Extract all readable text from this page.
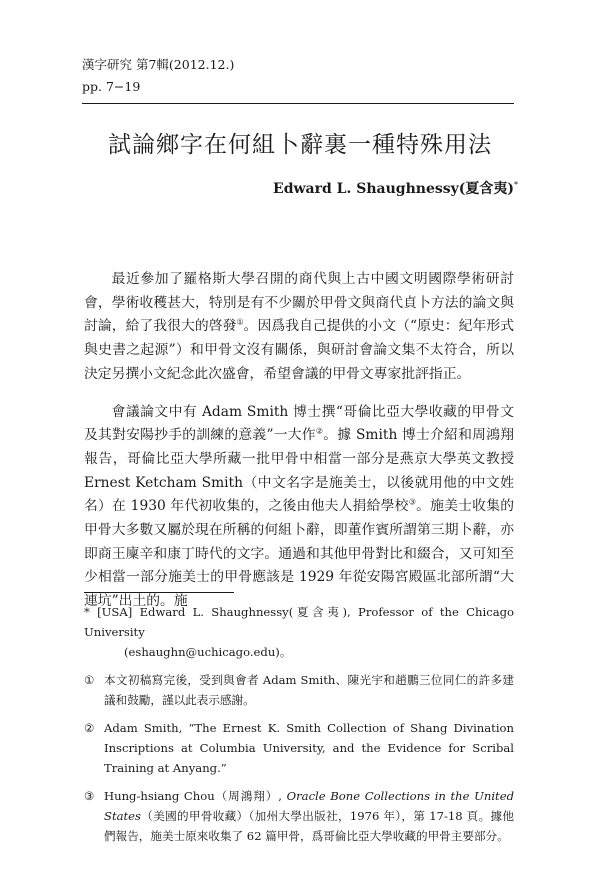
漢字研究 第7輯(2012.12.)
pp. 7−19
試論鄉字在何組卜辭裏一種特殊用法
Edward L. Shaughnessy(夏含夷)*

最近參加了羅格斯大學召開的商代與上古中國文明國際學術研討會，學術收穫甚大，特別是有不少關於甲骨文與商代貞卜方法的論文與討論，給了我很大的啓發①。因爲我自己提供的小文（“原史：紀年形式與史書之起源”）和甲骨文沒有關係，與研討會論文集不太符合，所以決定另撰小文紀念此次盛會，希望會議的甲骨文專家批評指正。

會議論文中有 Adam Smith 博士撰“哥倫比亞大學收藏的甲骨文及其對安陽抄手的訓練的意義”一大作②。據 Smith 博士介紹和周鴻翔報告，哥倫比亞大學所藏一批甲骨中相當一部分是燕京大學英文教授 Ernest Ketcham Smith（中文名字是施美士，以後就用他的中文姓名）在 1930 年代初收集的，之後由他夫人捐給學校③。施美士收集的甲骨大多數又屬於現在所稱的何組卜辭，即董作賓所謂第三期卜辭，亦即商王廩辛和康丁時代的文字。通過和其他甲骨對比和綴合，又可知至少相當一部分施美士的甲骨應該是 1929 年從安陽宮殿區北部所謂“大連坑”出土的。施

* [USA] Edward L. Shaughnessy(夏含夷), Professor of the Chicago University
(eshaughn@uchicago.edu)。
① 本文初稿寫完後，受到與會者 Adam Smith、陳光宇和趙鵬三位同仁的許多建議和鼓勵，謹以此表示感謝。
② Adam Smith, “The Ernest K. Smith Collection of Shang Divination Inscriptions at Columbia University, and the Evidence for Scribal Training at Anyang.”
③ Hung-hsiang Chou（周鴻翔）, Oracle Bone Collections in the United States（美國的甲骨收藏）（加州大學出版社，1976 年），第 17-18 頁。據他們報告，施美士原來收集了 62 篇甲骨，爲哥倫比亞大學收藏的甲骨主要部分。
